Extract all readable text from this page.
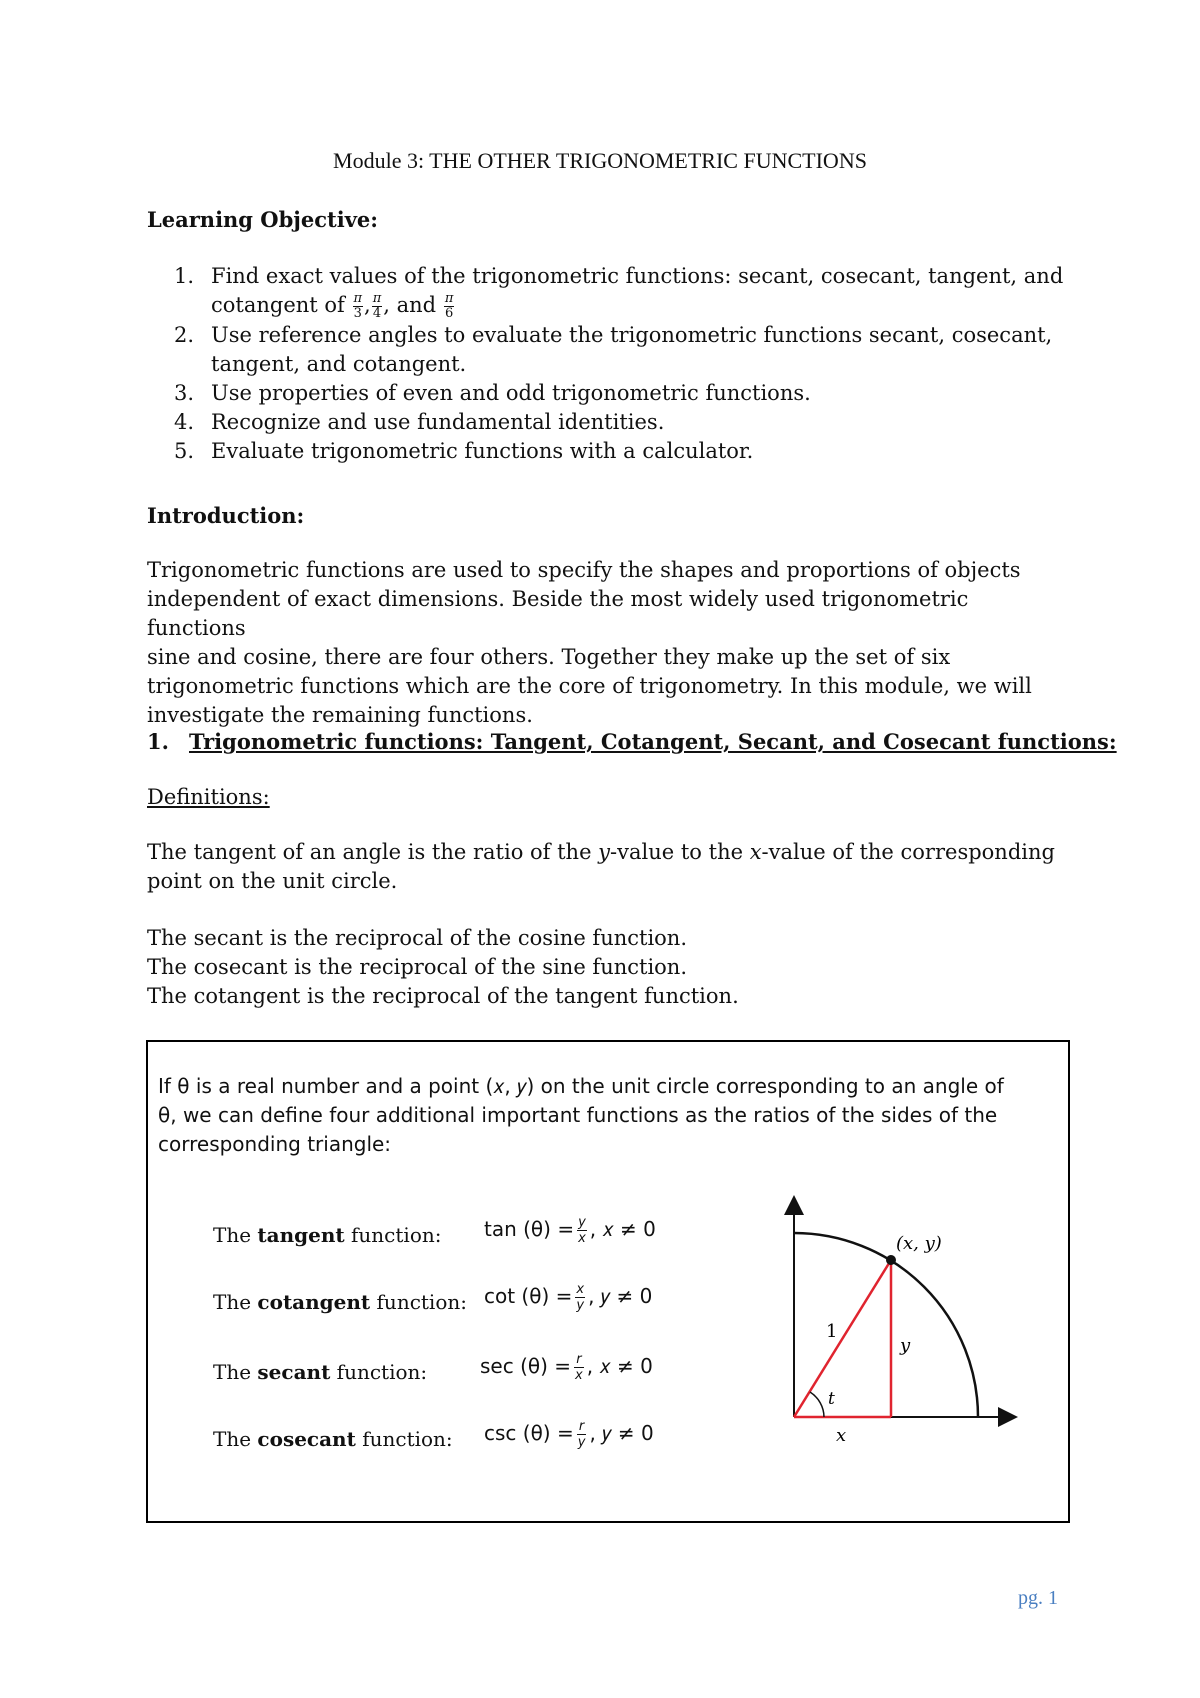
Module 3: THE OTHER TRIGONOMETRIC FUNCTIONS
Learning Objective:
1. Find exact values of the trigonometric functions: secant, cosecant, tangent, and
cotangent of $\frac{\pi}{3}$ , $\frac{\pi}{4}$ , and $\frac{\pi}{6}$
2. Use reference angles to evaluate the trigonometric functions secant, cosecant,
tangent, and cotangent.
3. Use properties of even and odd trigonometric functions.
4. Recognize and use fundamental identities.
5. Evaluate trigonometric functions with a calculator.
Introduction:
Trigonometric functions are used to specify the shapes and proportions of objects
independent of exact dimensions. Beside the most widely used trigonometric functions
sine and cosine, there are four others. Together they make up the set of six
trigonometric functions which are the core of trigonometry. In this module, we will
investigate the remaining functions.
1. Trigonometric functions: Tangent, Cotangent, Secant, and Cosecant functions:
Definitions:
The tangent of an angle is the ratio of the y-value to the x-value of the corresponding
point on the unit circle.
The secant is the reciprocal of the cosine function.
The cosecant is the reciprocal of the sine function.
The cotangent is the reciprocal of the tangent function.
If θ is a real number and a point (𝑥, 𝑦) on the unit circle corresponding to an angle of
θ, we can define four additional important functions as the ratios of the sides of the
corresponding triangle:
The tangent function: $\tan (\theta) = \frac{y}{x}$ , 𝑥 ≠ 0
The cotangent function: $\cot (\theta) = \frac{x}{y}$ , 𝑦 ≠ 0
The secant function:	$\sec (\theta) = \frac{r}{x}$ , 𝑥 ≠ 0
The cosecant function: $\csc (\theta) = \frac{r}{y}$ , 𝑦 ≠ 0
(x, y)
1
y
x
t
pg. 1
